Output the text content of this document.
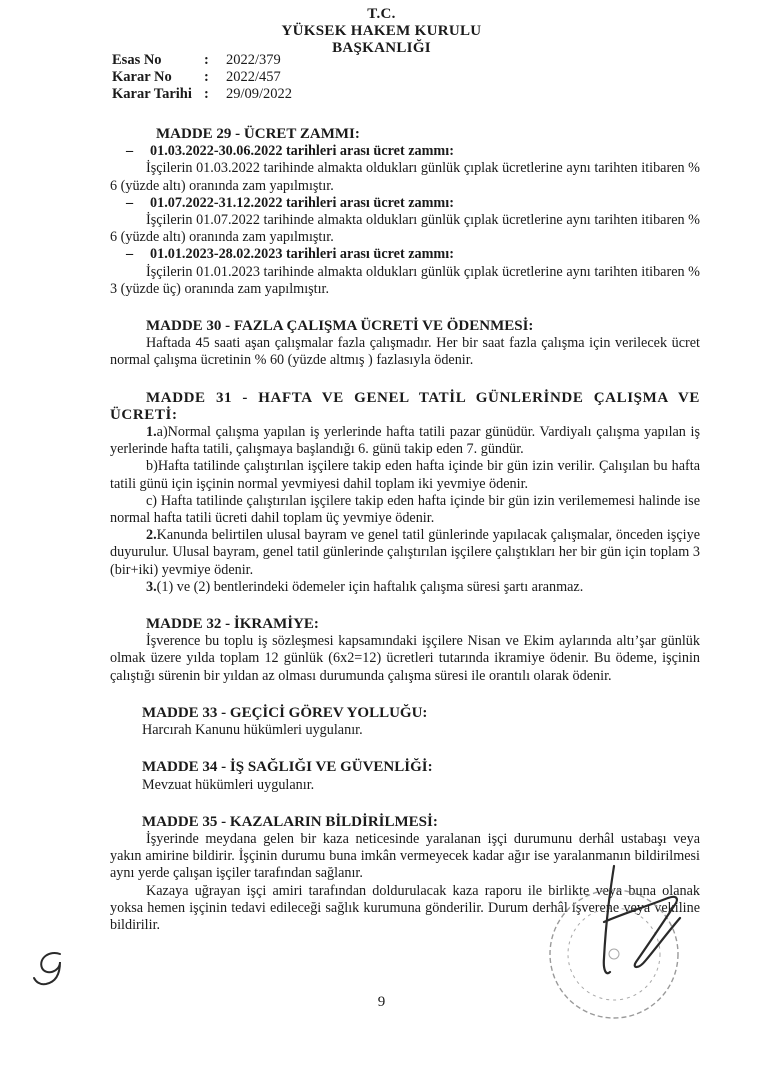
T.C.
YÜKSEK HAKEM KURULU
BAŞKANLIĞI
Esas No	:	2022/379
Karar No	:	2022/457
Karar Tarihi :	29/09/2022

MADDE 29 - ÜCRET ZAMMI:

– 01.03.2022-30.06.2022 tarihleri arası ücret zammı:

İşçilerin 01.03.2022 tarihinde almakta oldukları günlük çıplak ücretlerine aynı tarihten itibaren % 6 (yüzde altı) oranında zam yapılmıştır.

– 01.07.2022-31.12.2022 tarihleri arası ücret zammı:

İşçilerin 01.07.2022 tarihinde almakta oldukları günlük çıplak ücretlerine aynı tarihten itibaren % 6 (yüzde altı) oranında zam yapılmıştır.

– 01.01.2023-28.02.2023 tarihleri arası ücret zammı:

İşçilerin 01.01.2023 tarihinde almakta oldukları günlük çıplak ücretlerine aynı tarihten itibaren % 3 (yüzde üç) oranında zam yapılmıştır.

MADDE 30 - FAZLA ÇALIŞMA ÜCRETİ VE ÖDENMESİ:

Haftada 45 saati aşan çalışmalar fazla çalışmadır. Her bir saat fazla çalışma için verilecek ücret normal çalışma ücretinin % 60 (yüzde altmış ) fazlasıyla ödenir.

MADDE 31 - HAFTA VE GENEL TATİL GÜNLERİNDE ÇALIŞMA VE ÜCRETİ:

1.a)Normal çalışma yapılan iş yerlerinde hafta tatili pazar günüdür. Vardiyalı çalışma yapılan iş yerlerinde hafta tatili, çalışmaya başlandığı 6. günü takip eden 7. gündür.

b)Hafta tatilinde çalıştırılan işçilere takip eden hafta içinde bir gün izin verilir. Çalışılan bu hafta tatili günü için işçinin normal yevmiyesi dahil toplam iki yevmiye ödenir.

c) Hafta tatilinde çalıştırılan işçilere takip eden hafta içinde bir gün izin verilememesi halinde ise normal hafta tatili ücreti dahil toplam üç yevmiye ödenir.

2.Kanunda belirtilen ulusal bayram ve genel tatil günlerinde yapılacak çalışmalar, önceden işçiye duyurulur. Ulusal bayram, genel tatil günlerinde çalıştırılan işçilere çalıştıkları her bir gün için toplam 3 (bir+iki) yevmiye ödenir.

3.(1) ve (2) bentlerindeki ödemeler için haftalık çalışma süresi şartı aranmaz.

MADDE 32 - İKRAMİYE:

İşverence bu toplu iş sözleşmesi kapsamındaki işçilere Nisan ve Ekim aylarında altı’şar günlük olmak üzere yılda toplam 12 günlük (6x2=12) ücretleri tutarında ikramiye ödenir. Bu ödeme, işçinin çalıştığı sürenin bir yıldan az olması durumunda çalışma süresi ile orantılı olarak ödenir.

MADDE 33 - GEÇİCİ GÖREV YOLLUĞU:

Harcırah Kanunu hükümleri uygulanır.

MADDE 34 - İŞ SAĞLIĞI VE GÜVENLİĞİ:

Mevzuat hükümleri uygulanır.

MADDE 35 - KAZALARIN BİLDİRİLMESİ:

İşyerinde meydana gelen bir kaza neticesinde yaralanan işçi durumunu derhâl ustabaşı veya yakın amirine bildirir. İşçinin durumu buna imkân vermeyecek kadar ağır ise yaralanmanın bildirilmesi aynı yerde çalışan işçiler tarafından sağlanır.

Kazaya uğrayan işçi amiri tarafından doldurulacak kaza raporu ile birlikte veya buna olanak yoksa hemen işçinin tedavi edileceği sağlık kurumuna gönderilir. Durum derhâl işverene veya vekiline bildirilir.

9
